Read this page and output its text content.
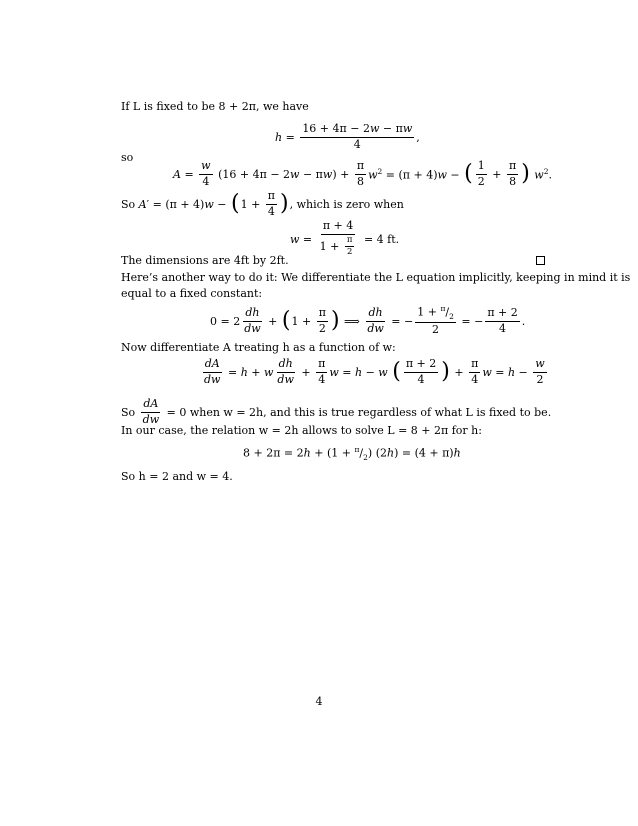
If L is fixed to be 8 + 2π, we have
$h = \frac{16 + 4\pi - 2w - \pi w}{4}$ ,
so
$A = \frac{w}{4} (16 + 4\pi - 2w - \pi w) + \frac{\pi}{8} w^2 = (\pi + 4)w$ − ( $\frac{1}{2} + \frac{\pi}{8}$ ) $w^2$.
So A′ = (π + 4)w − ( $1 + \frac{\pi}{4}$ ) , which is zero when
$w = \frac{\pi + 4}{1 + \frac{\pi}{2}} = 4$ ft.
The dimensions are 4ft by 2ft.
Here’s another way to do it: We differentiate the L equation implicitly, keeping in mind it is
equal to a fixed constant:
$0 = 2 \frac{dh}{dw}$ + ( $1 + \frac{\pi}{2}$ ) ⟹ $\frac{dh}{dw}$ = − $\frac{1 + ^\pi/_2}{2}$ = − $\frac{\pi + 2}{4}$ .
Now differentiate A treating h as a function of w:
$\frac{dA}{dw} = h + w \frac{dh}{dw} + \frac{\pi}{4}$ w = h − w ( $\frac{\pi + 2}{4}$ ) + $\frac{\pi}{4}$ $w = h - \frac{w}{2}$
So $\frac{dA}{dw}$
= 0 when w = 2h, and this is true regardless of what L is fixed to be.
In our case, the relation w = 2h allows to solve L = 8 + 2π for h:
$8 + 2\pi = 2h + (1 + ^\pi/_2)$ (2h) = (4 + π)h
So h = 2 and w = 4.
4
